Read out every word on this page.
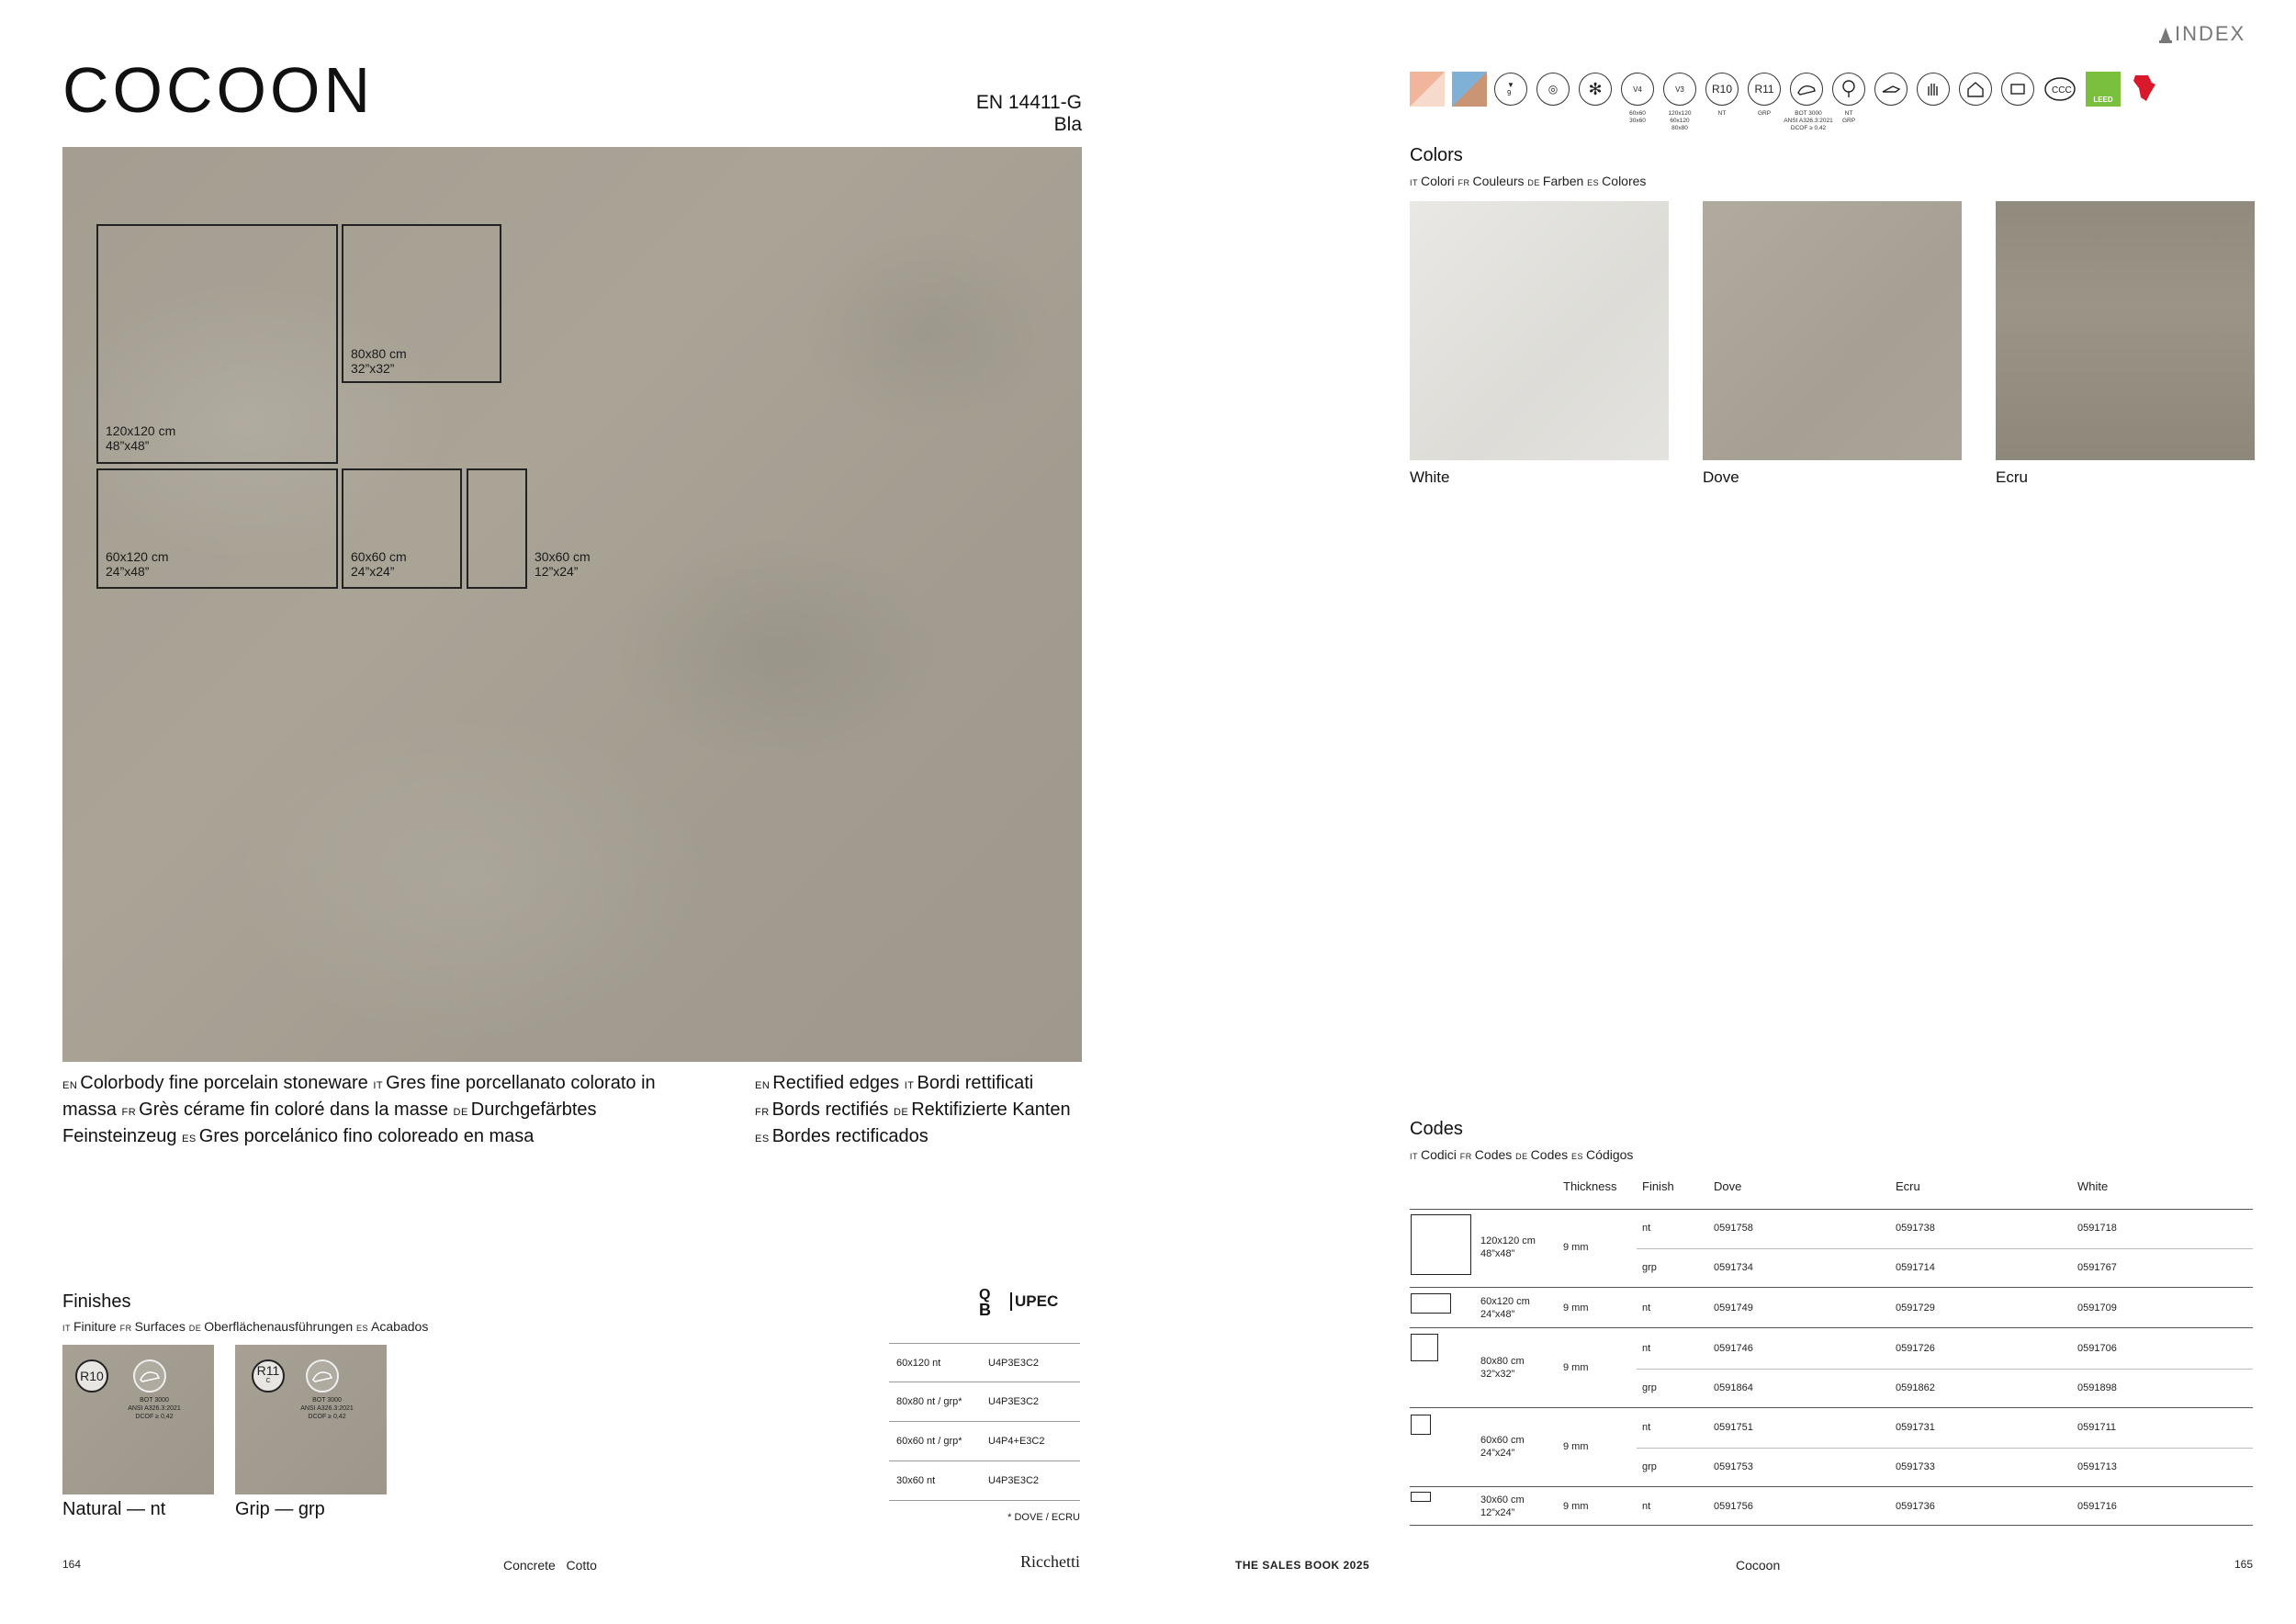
COCOON	EN 14411-G Bla
120x120 cm
48”x48”
80x80 cm
32”x32”
60x120 cm
24”x48”
60x60 cm
24”x24”
30x60 cm
12”x24”
EN Colorbody fine porcelain stoneware IT Gres fine porcellanato colorato in massa FR Grès cérame fin coloré dans la masse DE Durchgefärbtes Feinsteinzeug ES Gres porcelánico fino coloreado en masa
EN Rectified edges IT Bordi rettificati FR Bords rectifiés DE Rektifizierte Kanten ES Bordes rectificados
Finishes
IT Finiture FR Surfaces DE Oberflächenausführungen ES Acabados
R10
BOT 3000
ANSI A326.3:2021
DCOF ≥ 0,42
Natural — nt
R11
C
BOT 3000
ANSI A326.3:2021
DCOF ≥ 0,42
Grip — grp
Q
B UPEC
60x120 nt	U4P3E3C2
80x80 nt / grp*	U4P3E3C2
60x60 nt / grp*	U4P4+E3C2
30x60 nt	U4P3E3C2
* DOVE / ECRU
164	Concrete Cotto	Ricchetti
INDEX
▼
9	◎	✻	V4
60x60
30x60
V3
120x120
60x120
80x80
R10
NT
R11
GRP	BOT 3000
ANSI A326.3:2021
DCOF ≥ 0,42
NT
GRP
CCC
LEED
Colors
IT Colori FR Couleurs DE Farben ES Colores
White	Dove	Ecru
Codes
IT Codici FR Codes DE Codes ES Códigos
Thickness Finish	Dove	Ecru	White
120x120 cm
48”x48”
9 mm
nt	0591758	0591738	0591718
grp	0591734	0591714	0591767
60x120 cm
24”x48”
9 mm	nt	0591749	0591729	0591709
80x80 cm
32”x32”
9 mm
nt	0591746	0591726	0591706
grp	0591864	0591862	0591898
60x60 cm
24”x24”
9 mm
nt	0591751	0591731	0591711
grp	0591753	0591733	0591713
30x60 cm
12”x24”
9 mm	nt	0591756	0591736	0591716
THE SALES BOOK 2025	Cocoon	165
